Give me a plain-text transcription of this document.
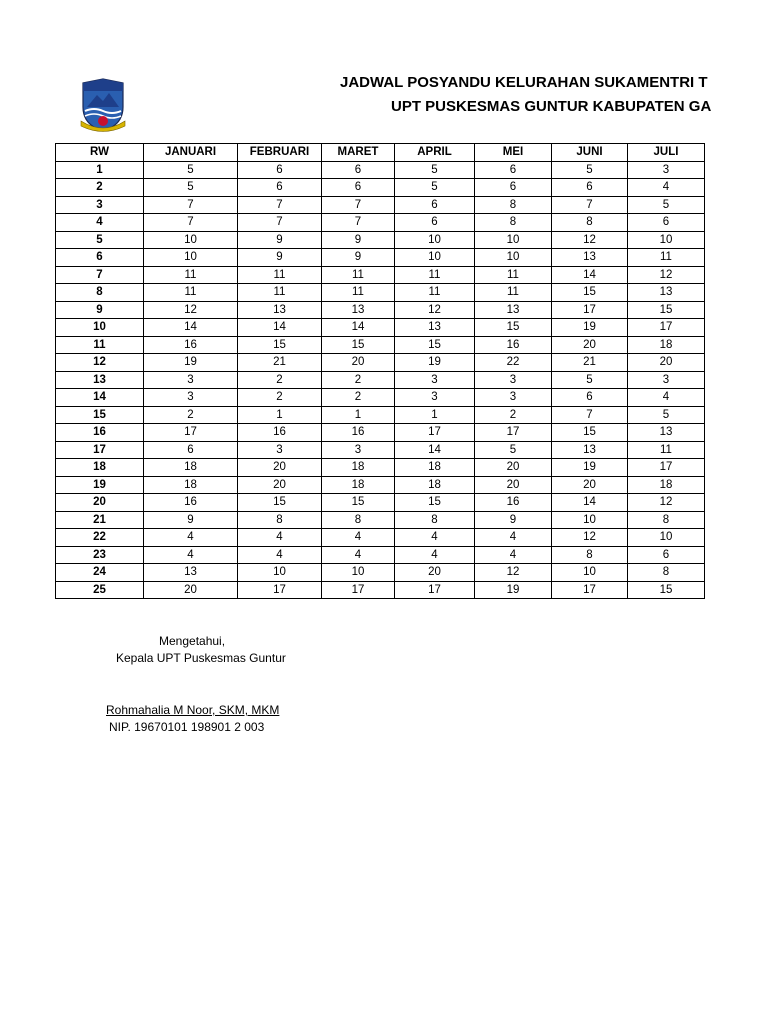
JADWAL POSYANDU KELURAHAN SUKAMENTRI T
UPT PUSKESMAS GUNTUR KABUPATEN GA
RW	JANUARI	FEBRUARI	MARET	APRIL	MEI	JUNI	JULI
1	5	6	6	5	6	5	3
2	5	6	6	5	6	6	4
3	7	7	7	6	8	7	5
4	7	7	7	6	8	8	6
5	10	9	9	10	10	12	10
6	10	9	9	10	10	13	11
7	11	11	11	11	11	14	12
8	11	11	11	11	11	15	13
9	12	13	13	12	13	17	15
10	14	14	14	13	15	19	17
11	16	15	15	15	16	20	18
12	19	21	20	19	22	21	20
13	3	2	2	3	3	5	3
14	3	2	2	3	3	6	4
15	2	1	1	1	2	7	5
16	17	16	16	17	17	15	13
17	6	3	3	14	5	13	11
18	18	20	18	18	20	19	17
19	18	20	18	18	20	20	18
20	16	15	15	15	16	14	12
21	9	8	8	8	9	10	8
22	4	4	4	4	4	12	10
23	4	4	4	4	4	8	6
24	13	10	10	20	12	10	8
25	20	17	17	17	19	17	15
Mengetahui,
Kepala UPT Puskesmas Guntur
Rohmahalia M Noor, SKM, MKM
NIP. 19670101 198901 2 003
